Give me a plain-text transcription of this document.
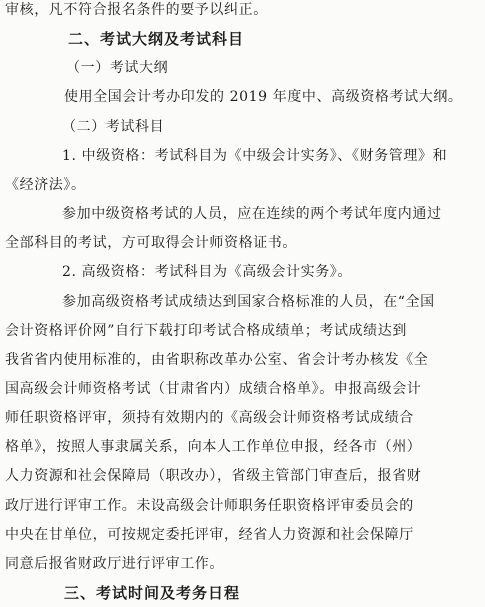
审核，凡不符合报名条件的要予以纠正。
二、考试大纲及考试科目
（一）考试大纲
使用全国会计考办印发的 2019 年度中、高级资格考试大纲。
（二）考试科目
1. 中级资格：考试科目为《中级会计实务》、《财务管理》和
《经济法》。
参加中级资格考试的人员，应在连续的两个考试年度内通过
全部科目的考试，方可取得会计师资格证书。
2. 高级资格：考试科目为《高级会计实务》。
参加高级资格考试成绩达到国家合格标准的人员，在“全国
会计资格评价网”自行下载打印考试合格成绩单；考试成绩达到
我省省内使用标准的，由省职称改革办公室、省会计考办核发《全
国高级会计师资格考试（甘肃省内）成绩合格单》。申报高级会计
师任职资格评审，须持有效期内的《高级会计师资格考试成绩合
格单》，按照人事隶属关系，向本人工作单位申报，经各市（州）
人力资源和社会保障局（职改办），省级主管部门审查后，报省财
政厅进行评审工作。未设高级会计师职务任职资格评审委员会的
中央在甘单位，可按规定委托评审，经省人力资源和社会保障厅
同意后报省财政厅进行评审工作。
三、考试时间及考务日程
